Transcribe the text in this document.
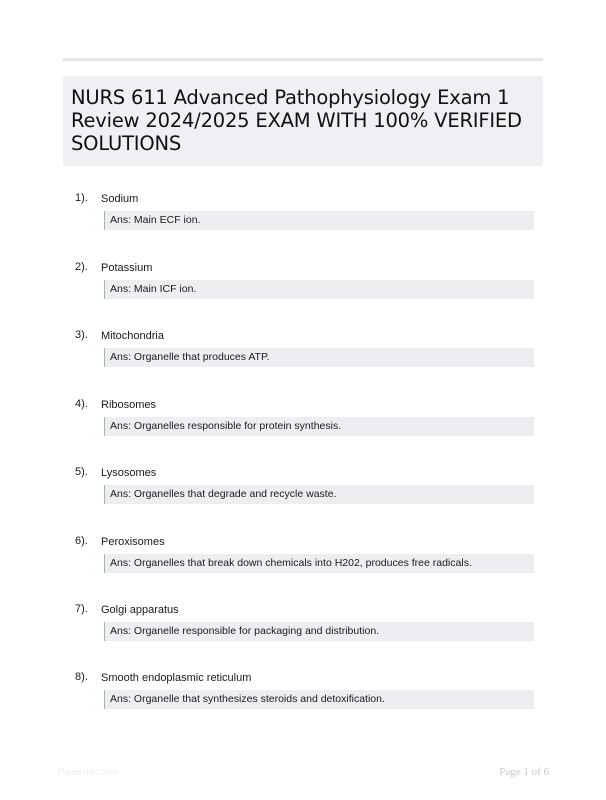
NURS 611 Advanced Pathophysiology Exam 1 Review 2024/2025 EXAM WITH 100% VERIFIED SOLUTIONS
1). Sodium
Ans: Main ECF ion.
2). Potassium
Ans: Main ICF ion.
3). Mitochondria
Ans: Organelle that produces ATP.
4). Ribosomes
Ans: Organelles responsible for protein synthesis.
5). Lysosomes
Ans: Organelles that degrade and recycle waste.
6). Peroxisomes
Ans: Organelles that break down chemicals into H202, produces free radicals.
7). Golgi apparatus
Ans: Organelle responsible for packaging and distribution.
8). Smooth endoplasmic reticulum
Ans: Organelle that synthesizes steroids and detoxification.
Papersbic.com	Page 1 of 6
